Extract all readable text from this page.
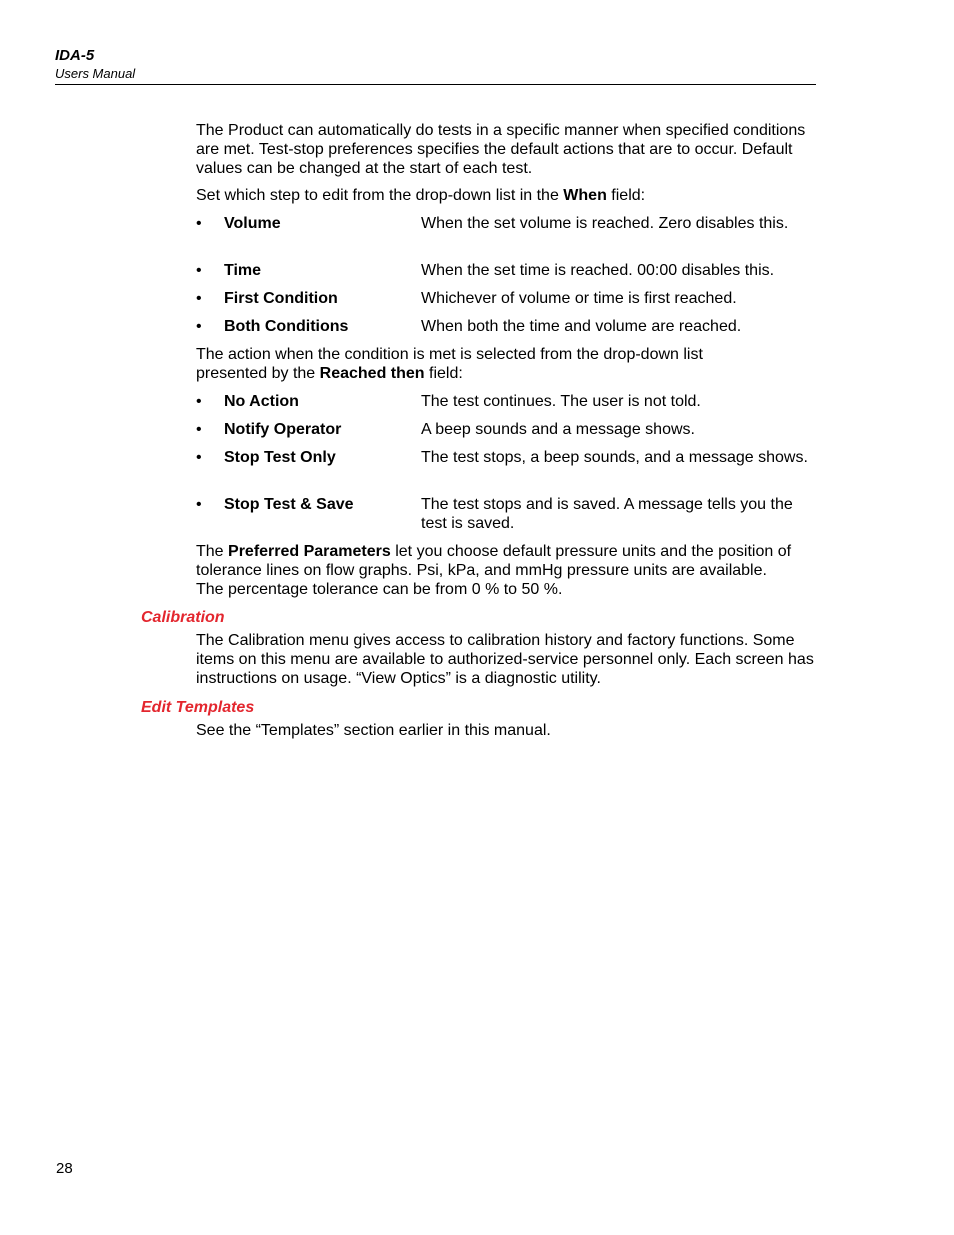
IDA-5
Users Manual

The Product can automatically do tests in a specific manner when specified conditions are met. Test-stop preferences specifies the default actions that are to occur. Default values can be changed at the start of each test.

Set which step to edit from the drop-down list in the When field:

•	Volume	When the set volume is reached. Zero disables this.
•	Time	When the set time is reached. 00:00 disables this.
•	First Condition	Whichever of volume or time is first reached.
•	Both Conditions	When both the time and volume are reached.

The action when the condition is met is selected from the drop-down list presented by the Reached then field:

•	No Action	The test continues. The user is not told.
•	Notify Operator	A beep sounds and a message shows.
•	Stop Test Only	The test stops, a beep sounds, and a message shows.
•	Stop Test & Save	The test stops and is saved. A message tells you the test is saved.

The Preferred Parameters let you choose default pressure units and the position of tolerance lines on flow graphs. Psi, kPa, and mmHg pressure units are available. The percentage tolerance can be from 0 % to 50 %.

Calibration

The Calibration menu gives access to calibration history and factory functions. Some items on this menu are available to authorized-service personnel only. Each screen has instructions on usage. “View Optics” is a diagnostic utility.

Edit Templates

See the “Templates” section earlier in this manual.

28
